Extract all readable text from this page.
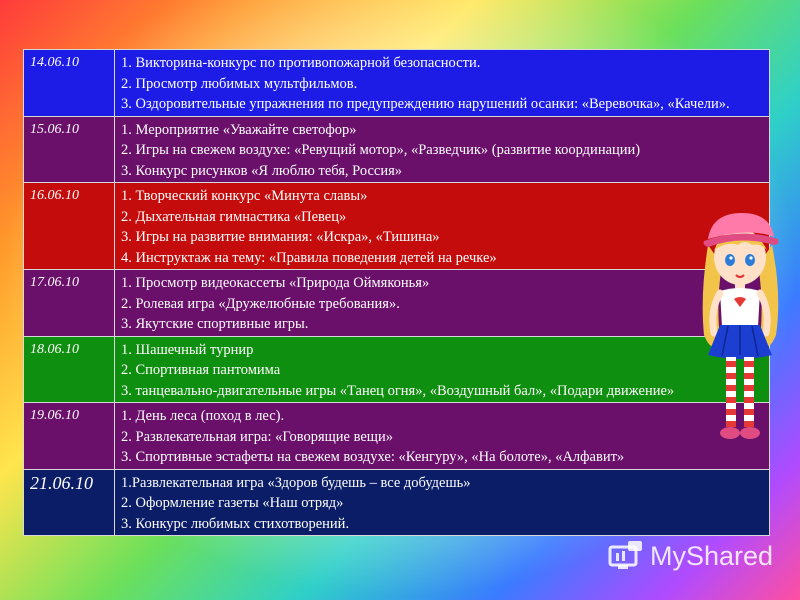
14.06.10	1. Викторина-конкурс по противопожарной безопасности.
2. Просмотр любимых мультфильмов.
3. Оздоровительные упражнения по предупреждению нарушений осанки: «Веревочка», «Качели».

15.06.10	1. Мероприятие «Уважайте светофор»
2. Игры на свежем воздухе: «Ревущий мотор», «Разведчик» (развитие координации)
3. Конкурс рисунков «Я люблю тебя, Россия»

16.06.10	1. Творческий конкурс «Минута славы»
2. Дыхательная гимнастика «Певец»
3. Игры на развитие внимания: «Искра», «Тишина»
4. Инструктаж на тему: «Правила поведения детей на речке»

17.06.10	1. Просмотр видеокассеты «Природа Оймяконья»
2. Ролевая игра «Дружелюбные требования».
3. Якутские спортивные игры.

18.06.10	1. Шашечный турнир
2. Спортивная пантомима
3. танцевально-двигательные игры «Танец огня», «Воздушный бал», «Подари движение»

19.06.10	1. День леса (поход в лес).
2. Развлекательная игра: «Говорящие вещи»
3. Спортивные эстафеты на свежем воздухе: «Кенгуру», «На болоте», «Алфавит»

21.06.10	1.Развлекательная игра «Здоров будешь – все добудешь»
2. Оформление газеты «Наш отряд»
3. Конкурс любимых стихотворений.
MyShared
